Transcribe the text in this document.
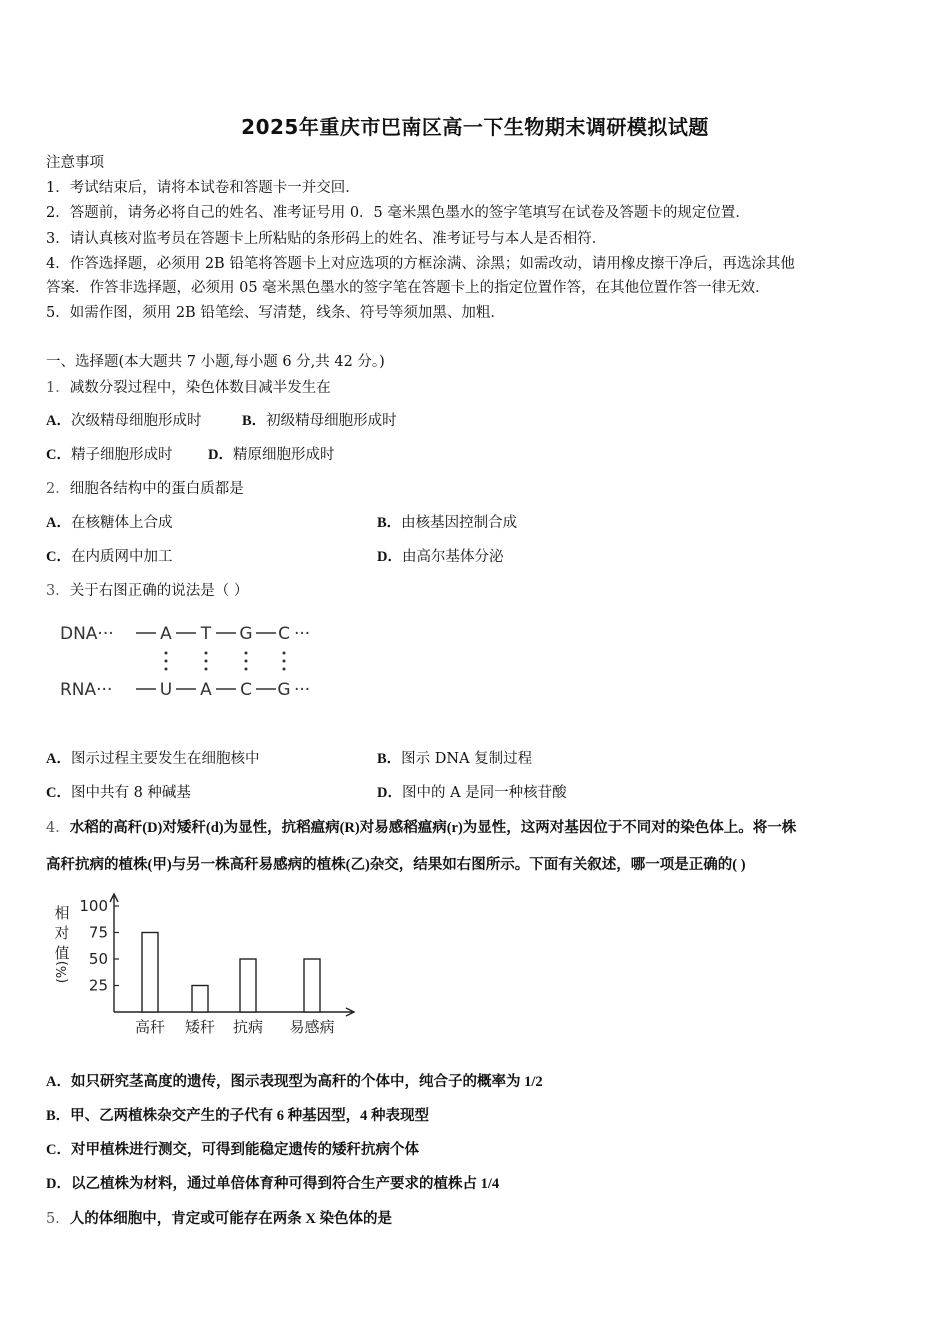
2025年重庆市巴南区高一下生物期末调研模拟试题
注意事项
1．考试结束后，请将本试卷和答题卡一并交回．
2．答题前，请务必将自己的姓名、准考证号用 0．5 毫米黑色墨水的签字笔填写在试卷及答题卡的规定位置．
3．请认真核对监考员在答题卡上所粘贴的条形码上的姓名、准考证号与本人是否相符．
4．作答选择题，必须用 2B 铅笔将答题卡上对应选项的方框涂满、涂黑；如需改动，请用橡皮擦干净后，再选涂其他
答案．作答非选择题，必须用 05 毫米黑色墨水的签字笔在答题卡上的指定位置作答，在其他位置作答一律无效．
5．如需作图，须用 2B 铅笔绘、写清楚，线条、符号等须加黑、加粗．
一、选择题(本大题共 7 小题,每小题 6 分,共 42 分。)
1．减数分裂过程中，染色体数目减半发生在
A．次级精母细胞形成时	B．初级精母细胞形成时
C．精子细胞形成时 D．精原细胞形成时
2．细胞各结构中的蛋白质都是
A．在核糖体上合成	B．由核基因控制合成
C．在内质网中加工	D．由高尔基体分泌
3．关于右图正确的说法是（ ）
DNA···
RNA···
A T G C
U A C G
···
···
A．图示过程主要发生在细胞核中	B．图示 DNA 复制过程
C．图中共有 8 种碱基	D．图中的 A 是同一种核苷酸
4．水稻的高秆(D)对矮秆(d)为显性，抗稻瘟病(R)对易感稻瘟病(r)为显性，这两对基因位于不同对的染色体上。将一株
高秆抗病的植株(甲)与另一株高秆易感病的植株(乙)杂交，结果如右图所示。下面有关叙述，哪一项是正确的( )
相
对
值
(%)
100
75
50
25
高秆 矮秆 抗病 易感病
A．如只研究茎高度的遗传，图示表现型为高秆的个体中，纯合子的概率为 1/2
B．甲、乙两植株杂交产生的子代有 6 种基因型，4 种表现型
C．对甲植株进行测交，可得到能稳定遗传的矮秆抗病个体
D．以乙植株为材料，通过单倍体育种可得到符合生产要求的植株占 1/4
5．人的体细胞中，肯定或可能存在两条 X 染色体的是
